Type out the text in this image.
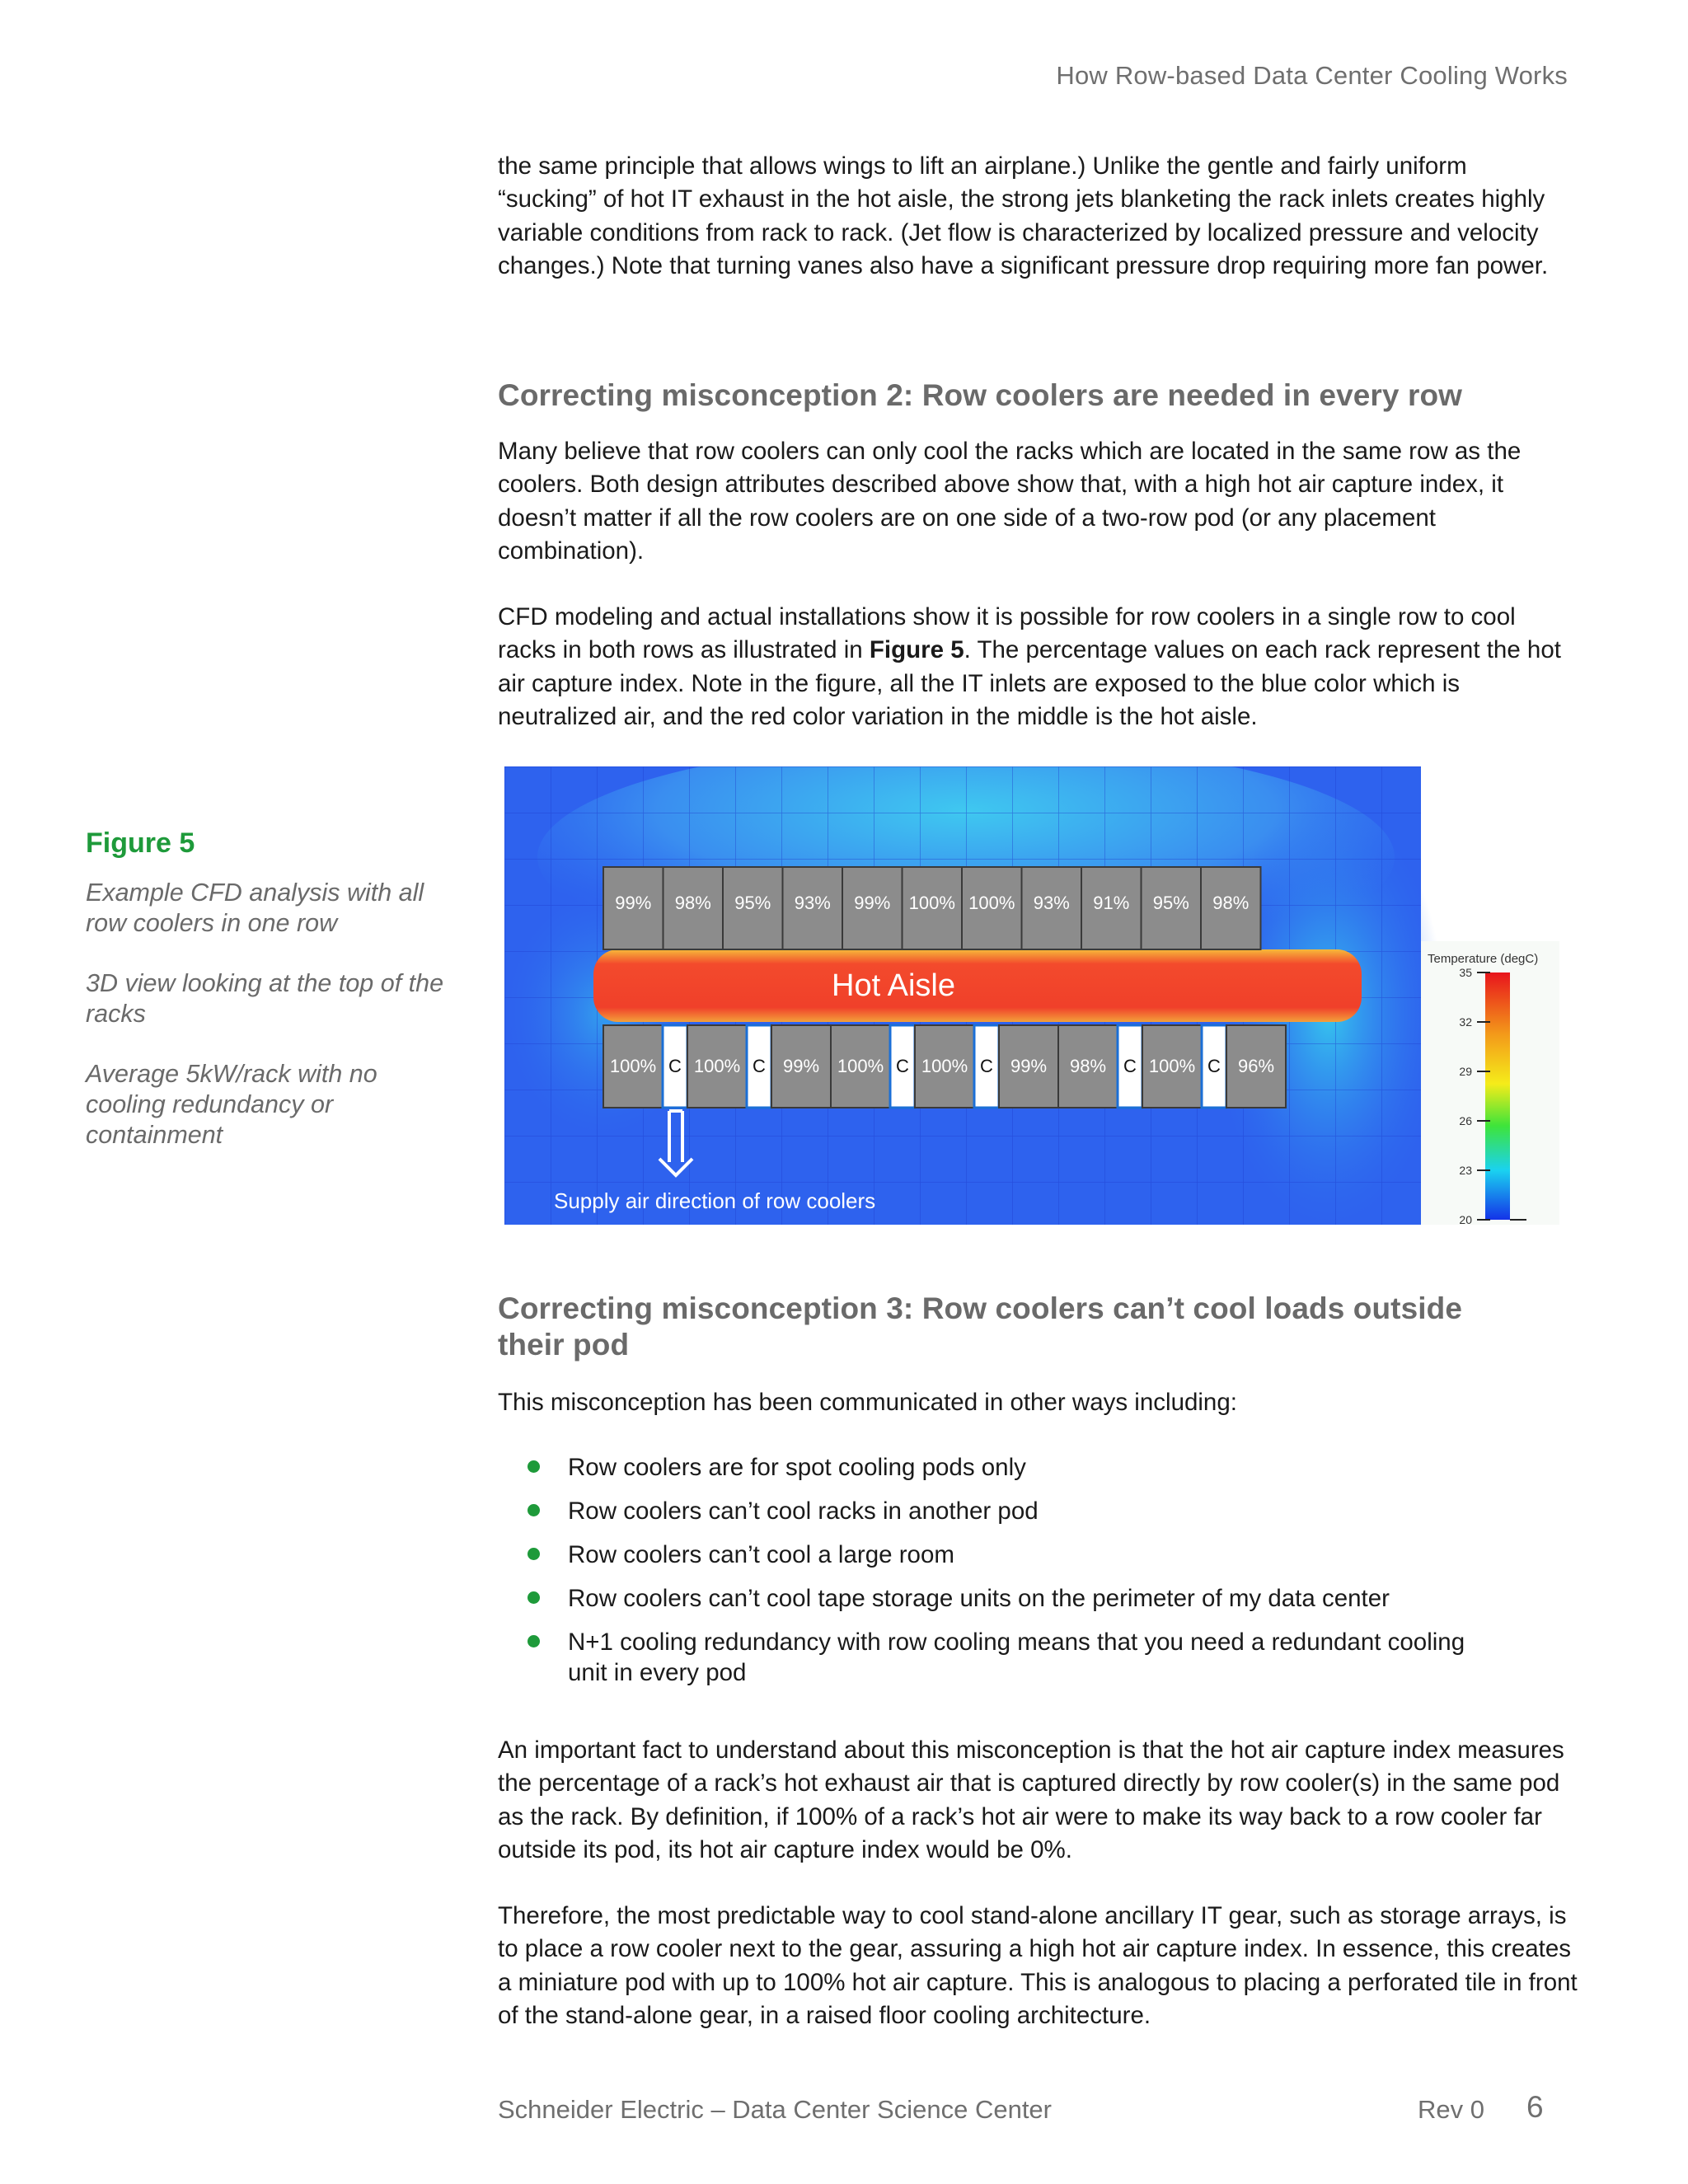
How Row-based Data Center Cooling Works

the same principle that allows wings to lift an airplane.) Unlike the gentle and fairly uniform “sucking” of hot IT exhaust in the hot aisle, the strong jets blanketing the rack inlets creates highly variable conditions from rack to rack. (Jet flow is characterized by localized pressure and velocity changes.) Note that turning vanes also have a significant pressure drop requiring more fan power.

Correcting misconception 2: Row coolers are needed in every row

Many believe that row coolers can only cool the racks which are located in the same row as the coolers. Both design attributes described above show that, with a high hot air capture index, it doesn’t matter if all the row coolers are on one side of a two-row pod (or any placement combination).

CFD modeling and actual installations show it is possible for row coolers in a single row to cool racks in both rows as illustrated in Figure 5. The percentage values on each rack represent the hot air capture index. Note in the figure, all the IT inlets are exposed to the blue color which is neutralized air, and the red color variation in the middle is the hot aisle.

Figure 5

Example CFD analysis with all row coolers in one row

3D view looking at the top of the racks

Average 5kW/rack with no cooling redundancy or containment

Hot Aisle
99% 98% 95% 93% 99% 100% 100% 93% 91% 95% 98%
100% C 100% C 99% 100% C 100% C 99% 98% C 100% C 96%
Supply air direction of row coolers
Temperature (degC)
35
32
29
26
23
20
Correcting misconception 3: Row coolers can’t cool loads outside
their pod

This misconception has been communicated in other ways including:

Row coolers are for spot cooling pods only
Row coolers can’t cool racks in another pod
Row coolers can’t cool a large room
Row coolers can’t cool tape storage units on the perimeter of my data center
N+1 cooling redundancy with row cooling means that you need a redundant cooling unit in every pod

An important fact to understand about this misconception is that the hot air capture index measures the percentage of a rack’s hot exhaust air that is captured directly by row cooler(s) in the same pod as the rack. By definition, if 100% of a rack’s hot air were to make its way back to a row cooler far outside its pod, its hot air capture index would be 0%.

Therefore, the most predictable way to cool stand-alone ancillary IT gear, such as storage arrays, is to place a row cooler next to the gear, assuring a high hot air capture index. In essence, this creates a miniature pod with up to 100% hot air capture. This is analogous to placing a perforated tile in front of the stand-alone gear, in a raised floor cooling architecture.

Schneider Electric – Data Center Science Center	Rev 0 6
